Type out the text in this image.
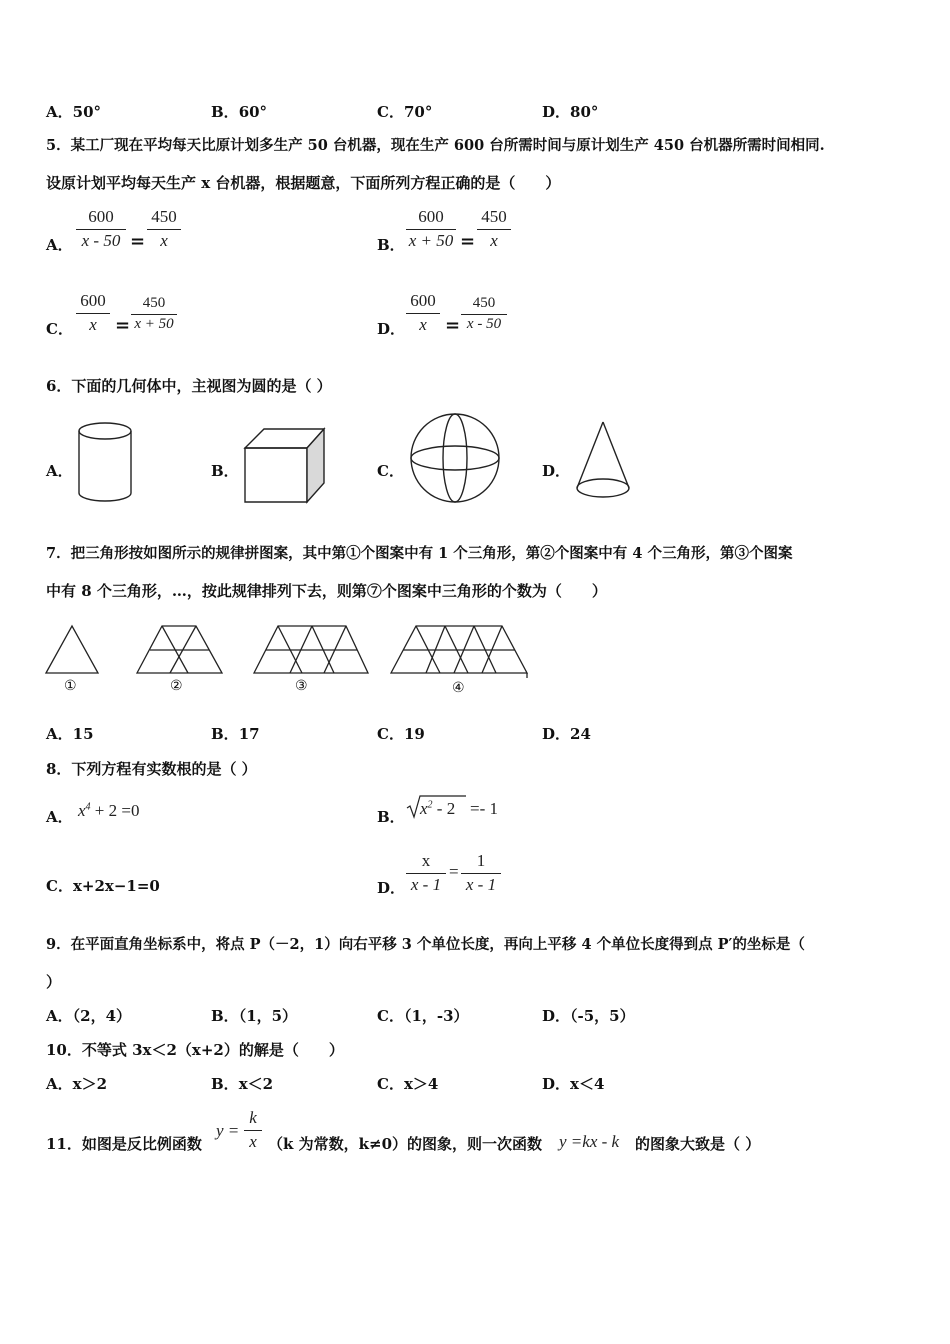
A．50°	B．60°	C．70°	D．80°
5．某工厂现在平均每天比原计划多生产 50 台机器，现在生产 600 台所需时间与原计划生产 450 台机器所需时间相同.
设原计划平均每天生产 x 台机器，根据题意，下面所列方程正确的是（　　）
A． $\frac{600}{x - 50} = \frac{450}{x}$	B． $\frac{600}{x + 50} = \frac{450}{x}$
C． $\frac{600}{x} = \frac{450}{x + 50}$	D． $\frac{600}{x} = \frac{450}{x - 50}$
6．下面的几何体中，主视图为圆的是（ ）
A．	B．	C．	D．
7．把三角形按如图所示的规律拼图案，其中第①个图案中有 1 个三角形，第②个图案中有 4 个三角形，第③个图案
中有 8 个三角形，…，按此规律排列下去，则第⑦个图案中三角形的个数为（　　）
①	②	③	④
A．15	B．17	C．19	D．24
8．下列方程有实数根的是（ ）
A． $x^4 + 2 =0$	B． $x^2 - 2 =- 1$
C．x+2x−1=0	D． $\frac{x}{x - 1} = \frac{1}{x - 1}$
9．在平面直角坐标系中，将点 P（－2，1）向右平移 3 个单位长度，再向上平移 4 个单位长度得到点 P′的坐标是（
）
A．（2，4）	B．（1，5）	C．（1，-3）	D．（-5，5）
10．不等式 3x＜2（x+2）的解是（　　）
A．x＞2	B．x＜2	C．x＞4	D．x＜4
11．如图是反比例函数
$y = \frac{k}{x} (k$ 为常数，k≠0）的图象，则一次函数 y =kx - k 的图象大致是（ ）
